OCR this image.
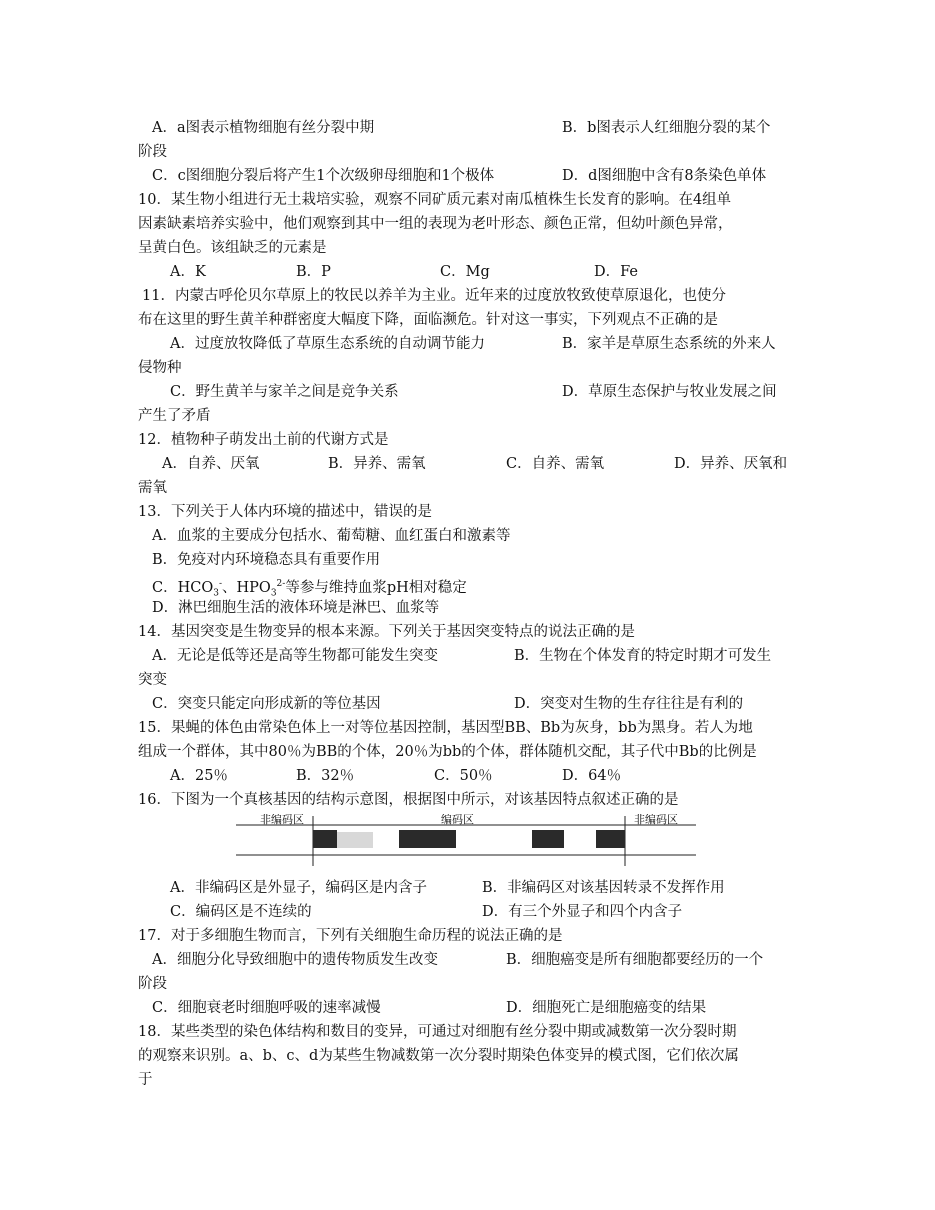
A．a图表示植物细胞有丝分裂中期	B．b图表示人红细胞分裂的某个
阶段
C．c图细胞分裂后将产生1个次级卵母细胞和1个极体	D．d图细胞中含有8条染色单体
10．某生物小组进行无土栽培实验，观察不同矿质元素对南瓜植株生长发育的影响。在4组单
因素缺素培养实验中，他们观察到其中一组的表现为老叶形态、颜色正常，但幼叶颜色异常，
呈黄白色。该组缺乏的元素是
A．K	B．P	C．Mg	D．Fe
11．内蒙古呼伦贝尔草原上的牧民以养羊为主业。近年来的过度放牧致使草原退化，也使分
布在这里的野生黄羊种群密度大幅度下降，面临濒危。针对这一事实，下列观点不正确的是
A．过度放牧降低了草原生态系统的自动调节能力	B．家羊是草原生态系统的外来人
侵物种
C．野生黄羊与家羊之间是竞争关系	D．草原生态保护与牧业发展之间
产生了矛盾
12．植物种子萌发出土前的代谢方式是
A．自养、厌氧	B．异养、需氧	C．自养、需氧	D．异养、厌氧和
需氧
13．下列关于人体内环境的描述中，错误的是
A．血浆的主要成分包括水、葡萄糖、血红蛋白和激素等
B．免疫对内环境稳态具有重要作用
C．$HCO_3^-$、$HPO_3^{2-}$等参与维持血浆pH相对稳定
D．淋巴细胞生活的液体环境是淋巴、血浆等
14．基因突变是生物变异的根本来源。下列关于基因突变特点的说法正确的是
A．无论是低等还是高等生物都可能发生突变	B．生物在个体发育的特定时期才可发生
突变
C．突变只能定向形成新的等位基因	D．突变对生物的生存往往是有利的
15．果蝇的体色由常染色体上一对等位基因控制，基因型BB、Bb为灰身，bb为黑身。若人为地
组成一个群体，其中80％为BB的个体，20％为bb的个体，群体随机交配，其子代中Bb的比例是
A．25％	B．32％	C．50％	D．64％
16．下图为一个真核基因的结构示意图，根据图中所示，对该基因特点叙述正确的是
非编码区	编码区	非编码区
A．非编码区是外显子，编码区是内含子	B．非编码区对该基因转录不发挥作用
C．编码区是不连续的	D．有三个外显子和四个内含子
17．对于多细胞生物而言，下列有关细胞生命历程的说法正确的是
A．细胞分化导致细胞中的遗传物质发生改变	B．细胞癌变是所有细胞都要经历的一个
阶段
C．细胞衰老时细胞呼吸的速率减慢	D．细胞死亡是细胞癌变的结果
18．某些类型的染色体结构和数目的变异，可通过对细胞有丝分裂中期或减数第一次分裂时期
的观察来识别。a、b、c、d为某些生物减数第一次分裂时期染色体变异的模式图，它们依次属
于
